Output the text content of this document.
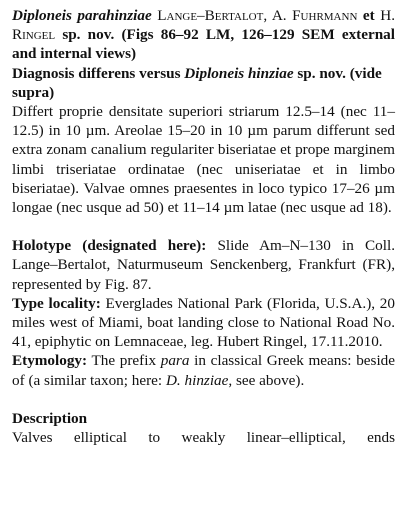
Diploneis parahinziae Lange–Bertalot, A. Fuhrmann et H. Ringel sp. nov. (Figs 86–92 LM, 126–129 SEM external and internal views)

Diagnosis differens versus Diploneis hinziae sp. nov. (vide supra)

Differt proprie densitate superiori striarum 12.5–14 (nec 11–12.5) in 10 µm. Areolae 15–20 in 10 µm parum differunt sed extra zonam canalium regulariter biseriatae et prope marginem limbi triseriatae ordinatae (nec uniseriatae et in limbo biseriatae). Valvae omnes praesentes in loco typico 17–26 µm longae (nec usque ad 50) et 11–14 µm latae (nec usque ad 18).

Holotype (designated here): Slide Am–N–130 in Coll. Lange–Bertalot, Naturmuseum Senckenberg, Frankfurt (FR), represented by Fig. 87.

Type locality: Everglades National Park (Florida, U.S.A.), 20 miles west of Miami, boat landing close to National Road No. 41, epiphytic on Lemnaceae, leg. Hubert Ringel, 17.11.2010.

Etymology: The prefix para in classical Greek means: beside of (a similar taxon; here: D. hinziae, see above).

Description

Valves elliptical to weakly linear–elliptical, ends
